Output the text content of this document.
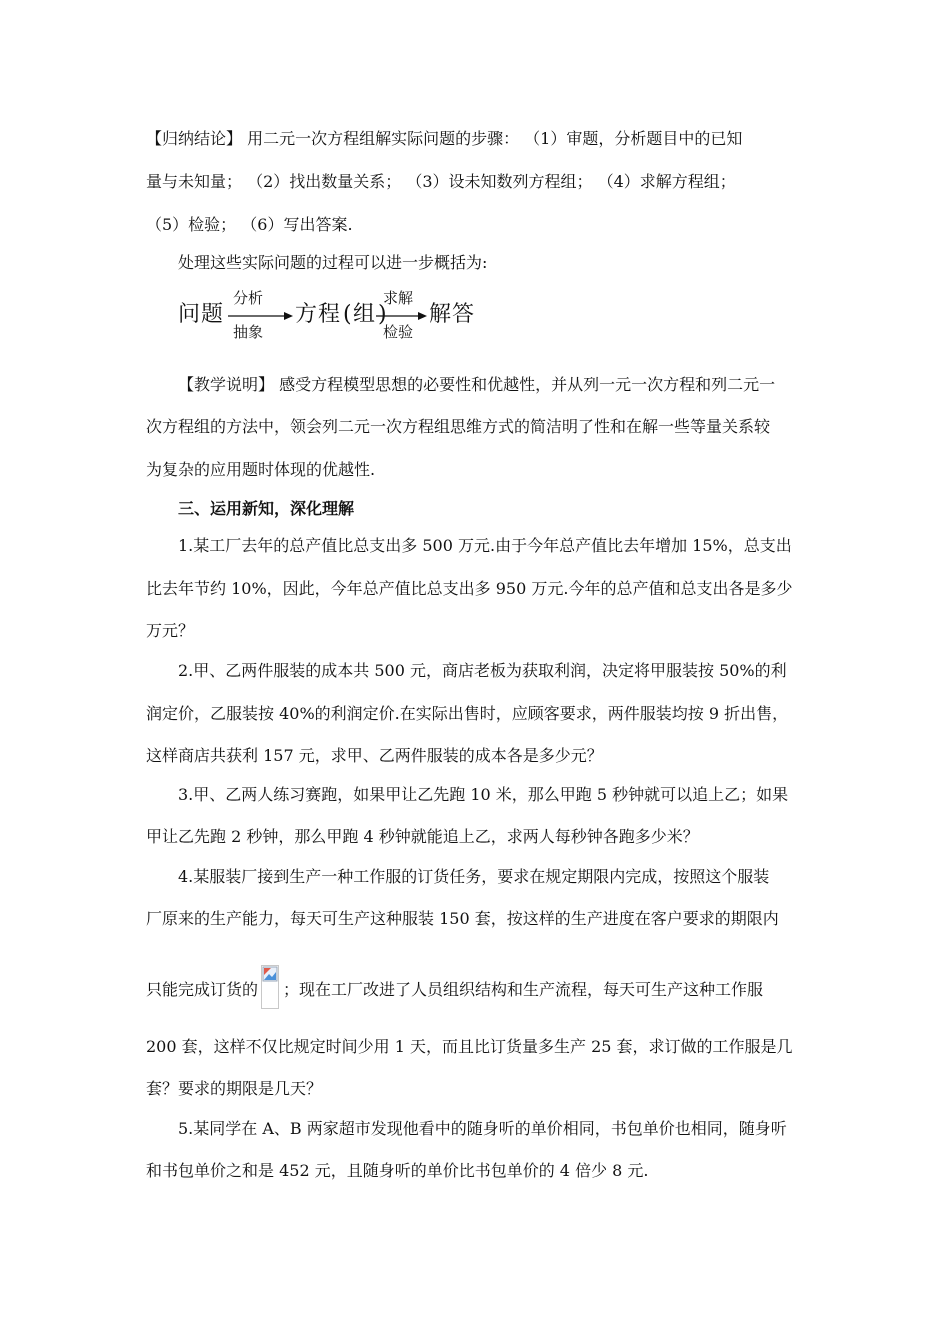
【归纳结论】 用二元一次方程组解实际问题的步骤： （1）审题，分析题目中的已知
量与未知量； （2）找出数量关系； （3）设未知数列方程组； （4）求解方程组；
（5）检验； （6）写出答案.
处理这些实际问题的过程可以进一步概括为:
问题
分析
抽象
方程 ( 组 )
求解
检验
解答
【教学说明】 感受方程模型思想的必要性和优越性，并从列一元一次方程和列二元一
次方程组的方法中，领会列二元一次方程组思维方式的简洁明了性和在解一些等量关系较
为复杂的应用题时体现的优越性.
三、运用新知，深化理解
1.某工厂去年的总产值比总支出多 500 万元.由于今年总产值比去年增加 15%，总支出
比去年节约 10%，因此，今年总产值比总支出多 950 万元.今年的总产值和总支出各是多少
万元？
2.甲、乙两件服装的成本共 500 元，商店老板为获取利润，决定将甲服装按 50%的利
润定价，乙服装按 40%的利润定价.在实际出售时，应顾客要求，两件服装均按 9 折出售，
这样商店共获利 157 元，求甲、乙两件服装的成本各是多少元？
3.甲、乙两人练习赛跑，如果甲让乙先跑 10 米，那么甲跑 5 秒钟就可以追上乙；如果
甲让乙先跑 2 秒钟，那么甲跑 4 秒钟就能追上乙，求两人每秒钟各跑多少米？
4.某服装厂接到生产一种工作服的订货任务，要求在规定期限内完成，按照这个服装
厂原来的生产能力，每天可生产这种服装 150 套，按这样的生产进度在客户要求的期限内
只能完成订货的 ；现在工厂改进了人员组织结构和生产流程，每天可生产这种工作服
200 套，这样不仅比规定时间少用 1 天，而且比订货量多生产 25 套，求订做的工作服是几
套？要求的期限是几天？
5.某同学在 A、B 两家超市发现他看中的随身听的单价相同，书包单价也相同，随身听
和书包单价之和是 452 元，且随身听的单价比书包单价的 4 倍少 8 元.
